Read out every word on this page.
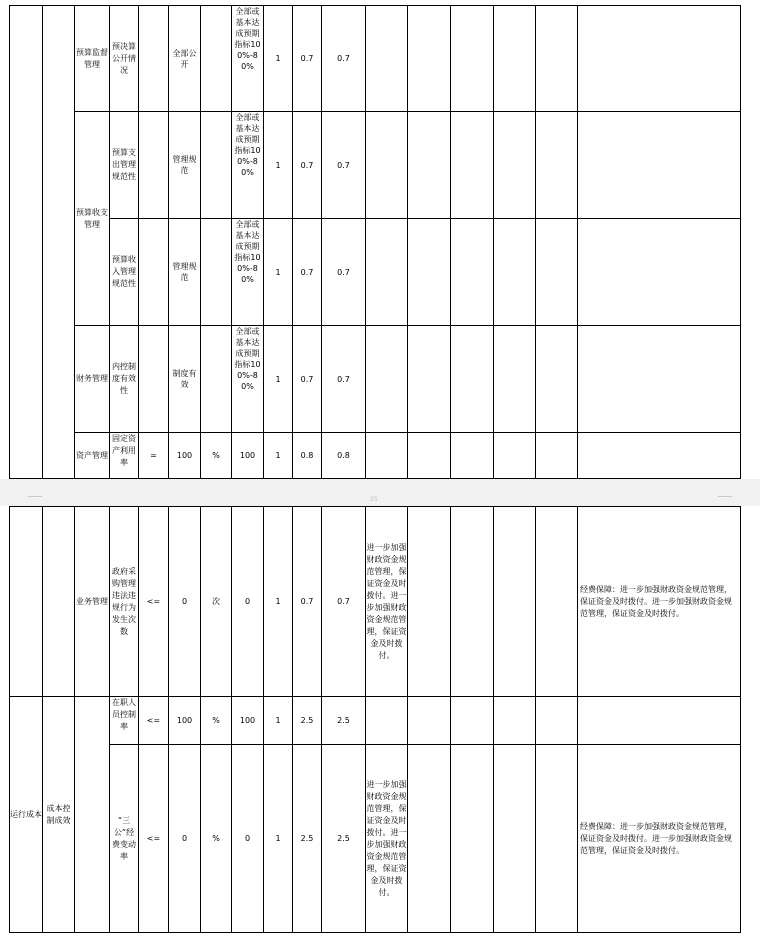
		预算监督管理	预决算公开情况		全部公开		全部或基本达成预期指标100%-80%	1	0.7	0.7						
		预算收支管理	预算支出管理规范性		管理规范		全部或基本达成预期指标100%-80%	1	0.7	0.7						
			预算收入管理规范性		管理规范		全部或基本达成预期指标100%-80%	1	0.7	0.7						
		财务管理	内控制度有效性		制度有效		全部或基本达成预期指标100%-80%	1	0.7	0.7						
		资产管理	固定资产利用率	=	100	%	100	1	0.8	0.8						
25
		业务管理	政府采购管理违法违规行为发生次数	<=	0	次	0	1	0.7	0.7	进一步加强财政资金规范管理，保证资金及时拨付。进一步加强财政资金规范管理，保证资金及时拨付。					经费保障：进一步加强财政资金规范管理，保证资金及时拨付。进一步加强财政资金规范管理，保证资金及时拨付。
运行成本	成本控制成效		在职人员控制率	<=	100	%	100	1	2.5	2.5						
			“三公”经费变动率	<=	0	%	0	1	2.5	2.5	进一步加强财政资金规范管理，保证资金及时拨付。进一步加强财政资金规范管理，保证资金及时拨付。					经费保障：进一步加强财政资金规范管理，保证资金及时拨付。进一步加强财政资金规范管理，保证资金及时拨付。
